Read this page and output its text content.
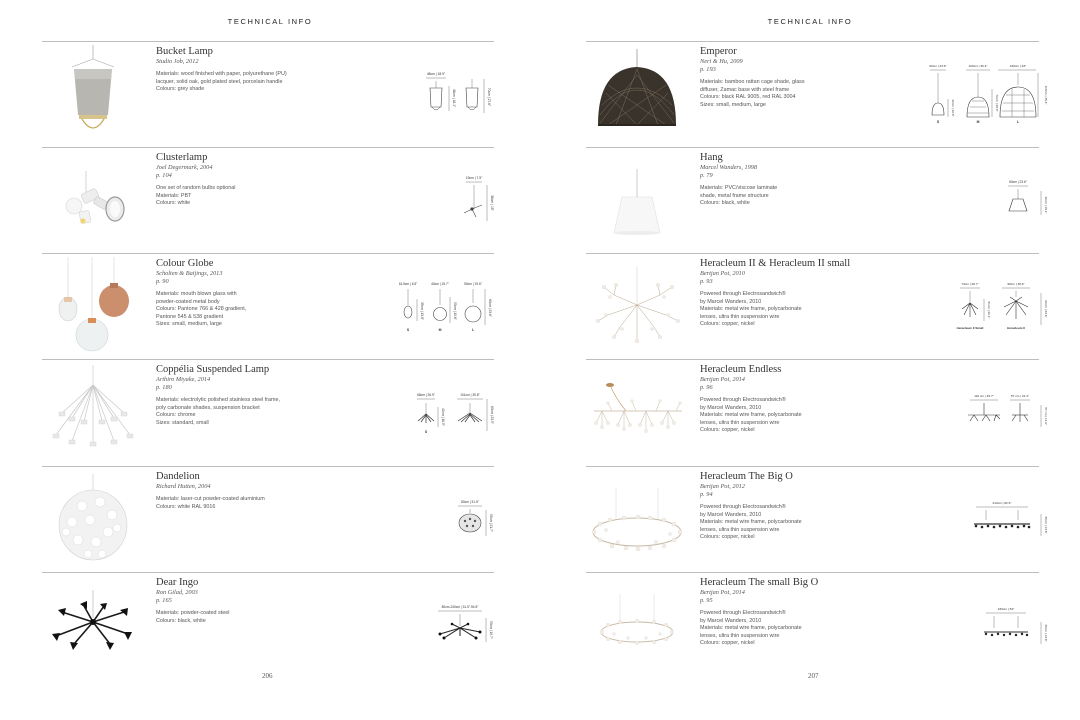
TECHNICAL INFO
Bucket Lamp
Studio Job, 2012
Materials: wood finished with paper, polyurethane (PU)
lacquer, solid oak, gold plated steel, porcelain handle
Colours: grey shade
48cm | 18.9"
46cm | 18.1"	70cm | 27.6"
Clusterlamp
Joel Degermark, 2004
p. 104
One set of random bulbs optional
Materials: PBT
Colours: white
19cm | 7.5"
38cm | 15"
Colour Globe
Scholten & Baijings, 2013
p. 90
Materials: mouth blown glass with
powder-coated metal body
Colours: Pantone 766 & 428 gradient,
Pantone 545 & 538 gradient
Sizes: small, medium, large
16.5cm | 6.5"	40cm | 15.7"	50cm | 19.6"
35cm | 13.8"	50cm | 19.6"	60cm | 23.6"
S	M	L
Coppélia Suspended Lamp
Arihiro Miyake, 2014
p. 180
Materials: electrolytic polished stainless steel frame,
poly carbonate shades, suspension bracket
Colours: chrome
Sizes: standard, small
68cm | 26.9"	101cm | 39.8"
42cm | 16.5"	60cm | 23.5"
S
Dandelion
Richard Hutten, 2004
Materials: laser-cut powder-coated aluminium
Colours: white RAL 9016
80cm | 31.5"
55cm | 21.7"
Dear Ingo
Ron Gilad, 2003
p. 165
Materials: powder-coated steel
Colours: black, white
80cm-240cm | 31.5"-94.5"
50cm | 19.7"
206
TECHNICAL INFO
Emperor
Neri & Hu, 2009
p. 193
Materials: bamboo rattan cage shade, glass
diffuser, Zamac base with steel frame
Colours: black RAL 9005, red RAL 3004
Sizes: small, medium, large
60cm | 23.6"	100cm | 39.4"	160cm | 63"
42cm | 16.5"	72cm | 28.3"
S	M	L
115cm | 45.3"
Hang
Marcel Wanders, 1998
p. 79
Materials: PVC/viscose laminate
shade, metal frame structure
Colours: black, white
60cm | 23.6"
46cm | 18.1"
Heracleum II & Heracleum II small
Bertjan Pot, 2010
p. 93
Powered through Electrosandwich®
by Marcel Wanders, 2010
Materials: metal wire frame, polycarbonate
lenses, ultra thin suspension wire
Colours: copper, nickel
73cm | 28.7"	98cm | 38.6"
51cm | 20.1"
Heracleum II Small	Heracleum II
60cm | 23.6"
Heracleum Endless
Bertjan Pot, 2014
p. 96
Powered through Electrosandwich®
by Marcel Wanders, 2010
Materials: metal wire frame, polycarbonate
lenses, ultra thin suspension wire
Colours: copper, nickel
116 cm | 45.7"	57 cm | 22.4"
37 cm | 14.6"
Heracleum The Big O
Bertjan Pot, 2012
p. 94
Powered through Electrosandwich®
by Marcel Wanders, 2010
Materials: metal wire frame, polycarbonate
lenses, ultra thin suspension wire
Colours: copper, nickel
210cm | 82.6"
35cm | 13.8"
Heracleum The small Big O
Bertjan Pot, 2014
p. 95
Powered through Electrosandwich®
by Marcel Wanders, 2010
Materials: metal wire frame, polycarbonate
lenses, ultra thin suspension wire
Colours: copper, nickel
160cm | 63"
35cm | 13.8"
207
